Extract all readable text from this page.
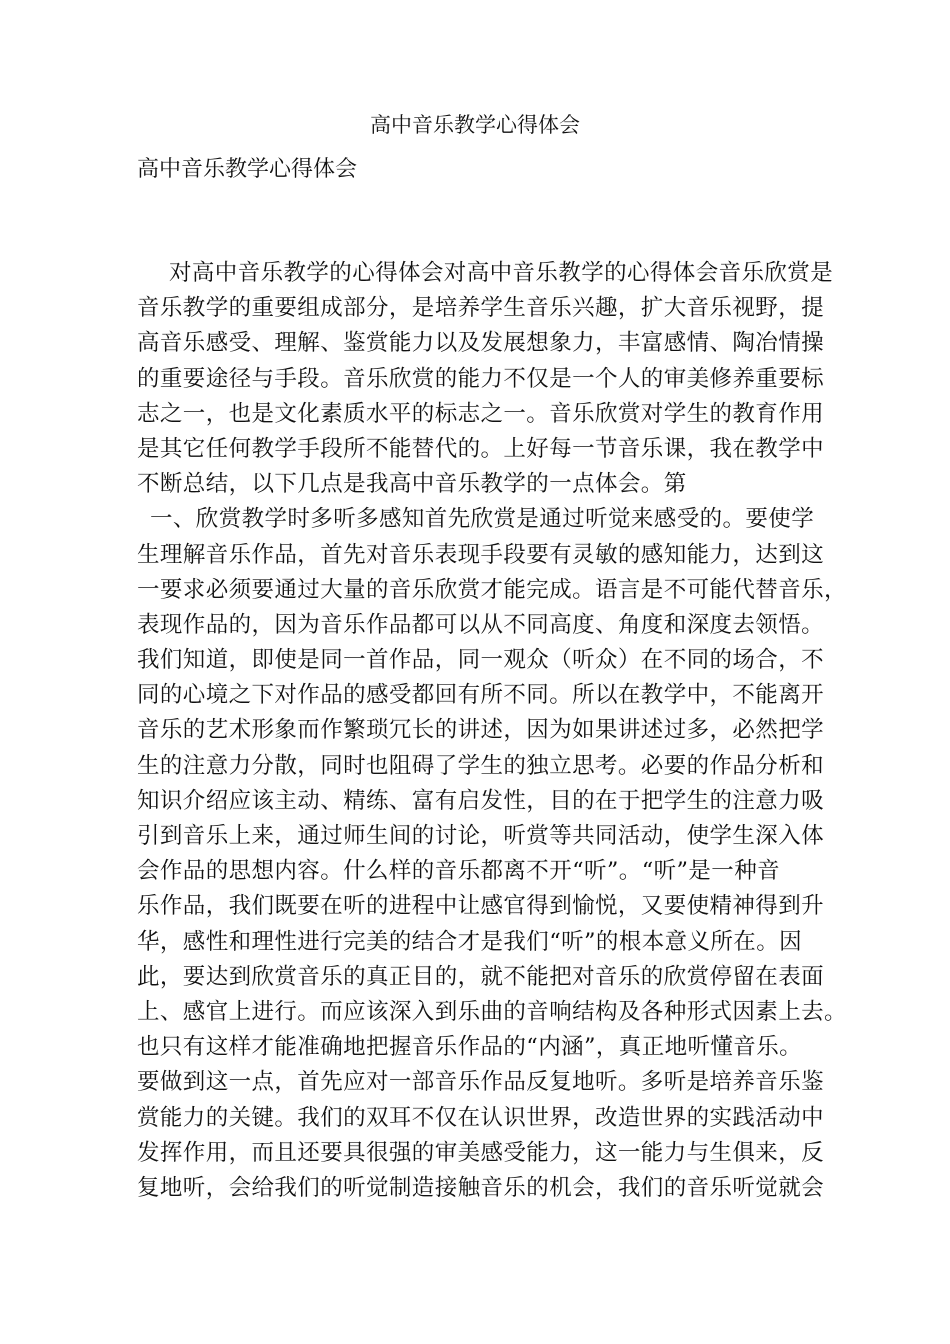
高中音乐教学心得体会

高中音乐教学心得体会

对高中音乐教学的心得体会对高中音乐教学的心得体会音乐欣赏是
音乐教学的重要组成部分，是培养学生音乐兴趣，扩大音乐视野，提
高音乐感受、理解、鉴赏能力以及发展想象力，丰富感情、陶冶情操
的重要途径与手段。音乐欣赏的能力不仅是一个人的审美修养重要标
志之一，也是文化素质水平的标志之一。音乐欣赏对学生的教育作用
是其它任何教学手段所不能替代的。上好每一节音乐课，我在教学中
不断总结，以下几点是我高中音乐教学的一点体会。第
一、欣赏教学时多听多感知首先欣赏是通过听觉来感受的。要使学
生理解音乐作品，首先对音乐表现手段要有灵敏的感知能力，达到这
一要求必须要通过大量的音乐欣赏才能完成。语言是不可能代替音乐，
表现作品的，因为音乐作品都可以从不同高度、角度和深度去领悟。
我们知道，即使是同一首作品，同一观众（听众）在不同的场合，不
同的心境之下对作品的感受都回有所不同。所以在教学中，不能离开
音乐的艺术形象而作繁琐冗长的讲述，因为如果讲述过多，必然把学
生的注意力分散，同时也阻碍了学生的独立思考。必要的作品分析和
知识介绍应该主动、精练、富有启发性，目的在于把学生的注意力吸
引到音乐上来，通过师生间的讨论，听赏等共同活动，使学生深入体
会作品的思想内容。什么样的音乐都离不开“听”。“听”是一种音
乐作品，我们既要在听的进程中让感官得到愉悦，又要使精神得到升
华，感性和理性进行完美的结合才是我们“听”的根本意义所在。因
此，要达到欣赏音乐的真正目的，就不能把对音乐的欣赏停留在表面
上、感官上进行。而应该深入到乐曲的音响结构及各种形式因素上去。
也只有这样才能准确地把握音乐作品的“内涵”，真正地听懂音乐。
要做到这一点，首先应对一部音乐作品反复地听。多听是培养音乐鉴
赏能力的关键。我们的双耳不仅在认识世界，改造世界的实践活动中
发挥作用，而且还要具很强的审美感受能力，这一能力与生俱来，反
复地听，会给我们的听觉制造接触音乐的机会，我们的音乐听觉就会
